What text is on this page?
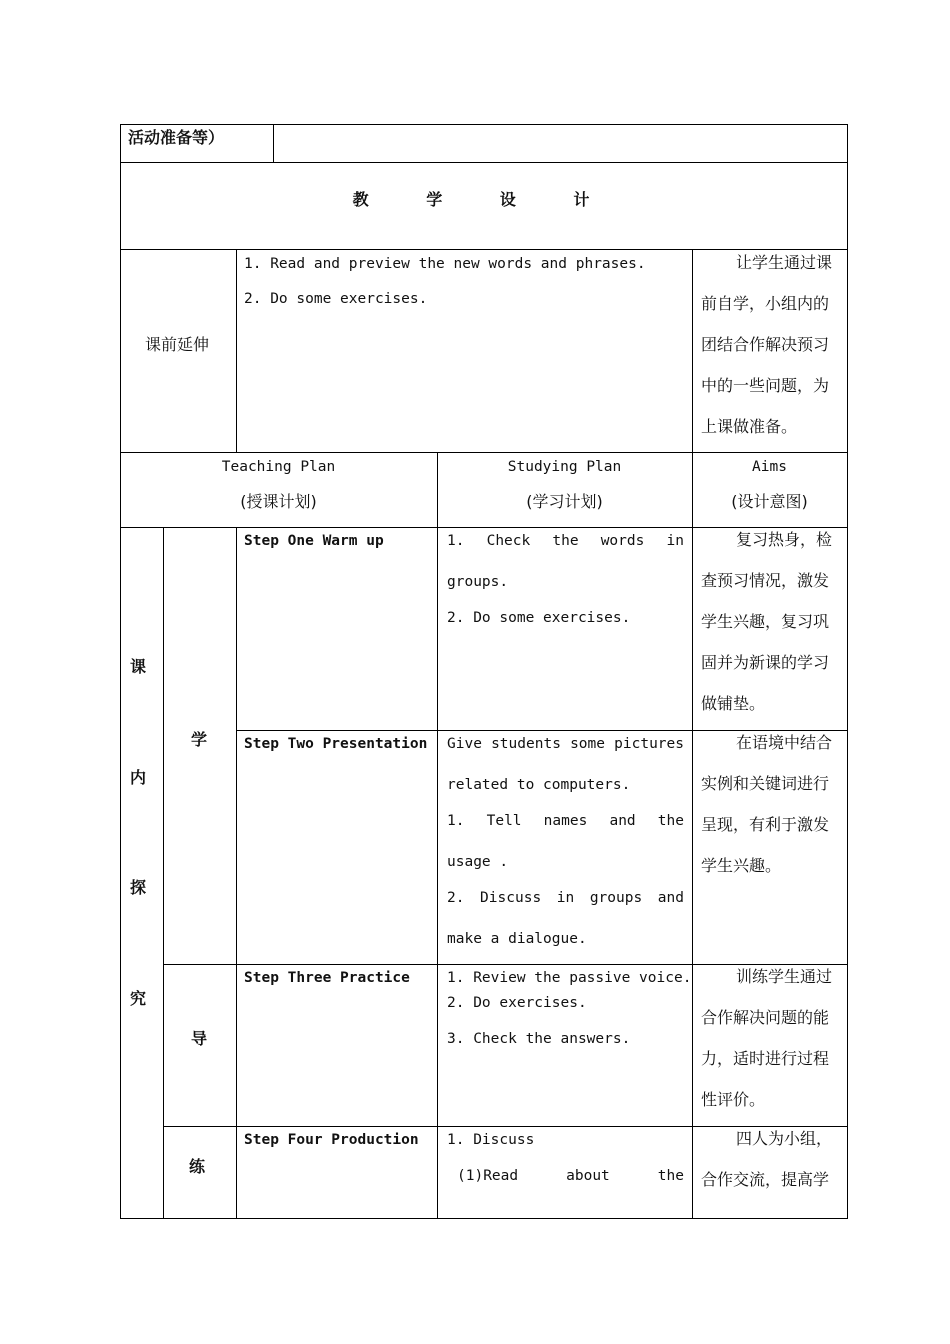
活动准备等）
教 学 设 计
课前延伸
1. Read and preview the new words and phrases.
2. Do some exercises.
让学生通过课
前自学，小组内的
团结合作解决预习
中的一些问题，为
上课做准备。
Teaching Plan
(授课计划)
Studying Plan
(学习计划)
Aims
(设计意图)
课
内
探
究
学
导
练
Step One Warm up	1. Check the words in
groups.
2. Do some exercises.
复习热身，检
查预习情况，激发
学生兴趣，复习巩
固并为新课的学习
做铺垫。
Step Two Presentation Give students some pictures
related to computers.
1. Tell names and the
usage .
2. Discuss in groups and
make a dialogue.
在语境中结合
实例和关键词进行
呈现，有利于激发
学生兴趣。
Step Three Practice	1. Review the passive voice.
2. Do exercises.
3. Check the answers.
训练学生通过
合作解决问题的能
力，适时进行过程
性评价。
Step Four Production 1. Discuss
(1)Read about the
四人为小组，
合作交流，提高学
